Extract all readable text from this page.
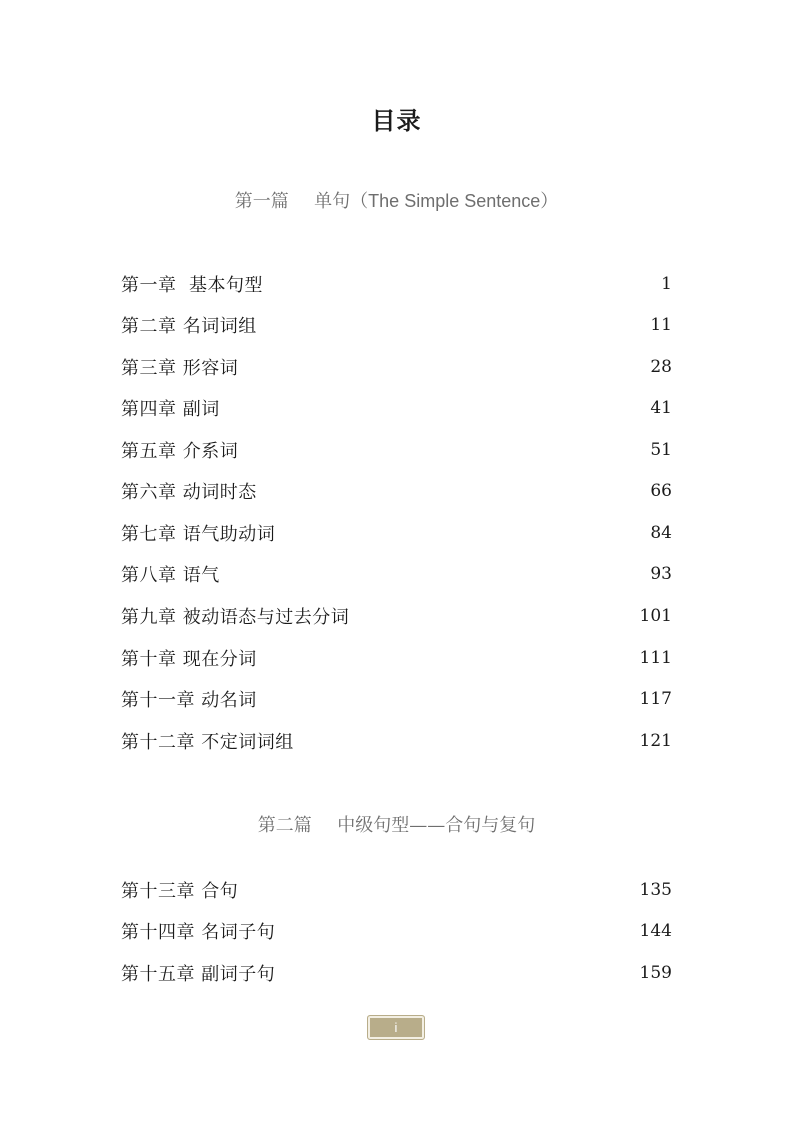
目录
第一篇 单句（The Simple Sentence）
第一章 基本句型	1
第二章 名词词组	11
第三章 形容词	28
第四章 副词	41
第五章 介系词	51
第六章 动词时态	66
第七章 语气助动词	84
第八章 语气	93
第九章 被动语态与过去分词	101
第十章 现在分词	111
第十一章 动名词	117
第十二章 不定词词组	121
第二篇 中级句型——合句与复句
第十三章 合句	135
第十四章 名词子句	144
第十五章 副词子句	159
i
